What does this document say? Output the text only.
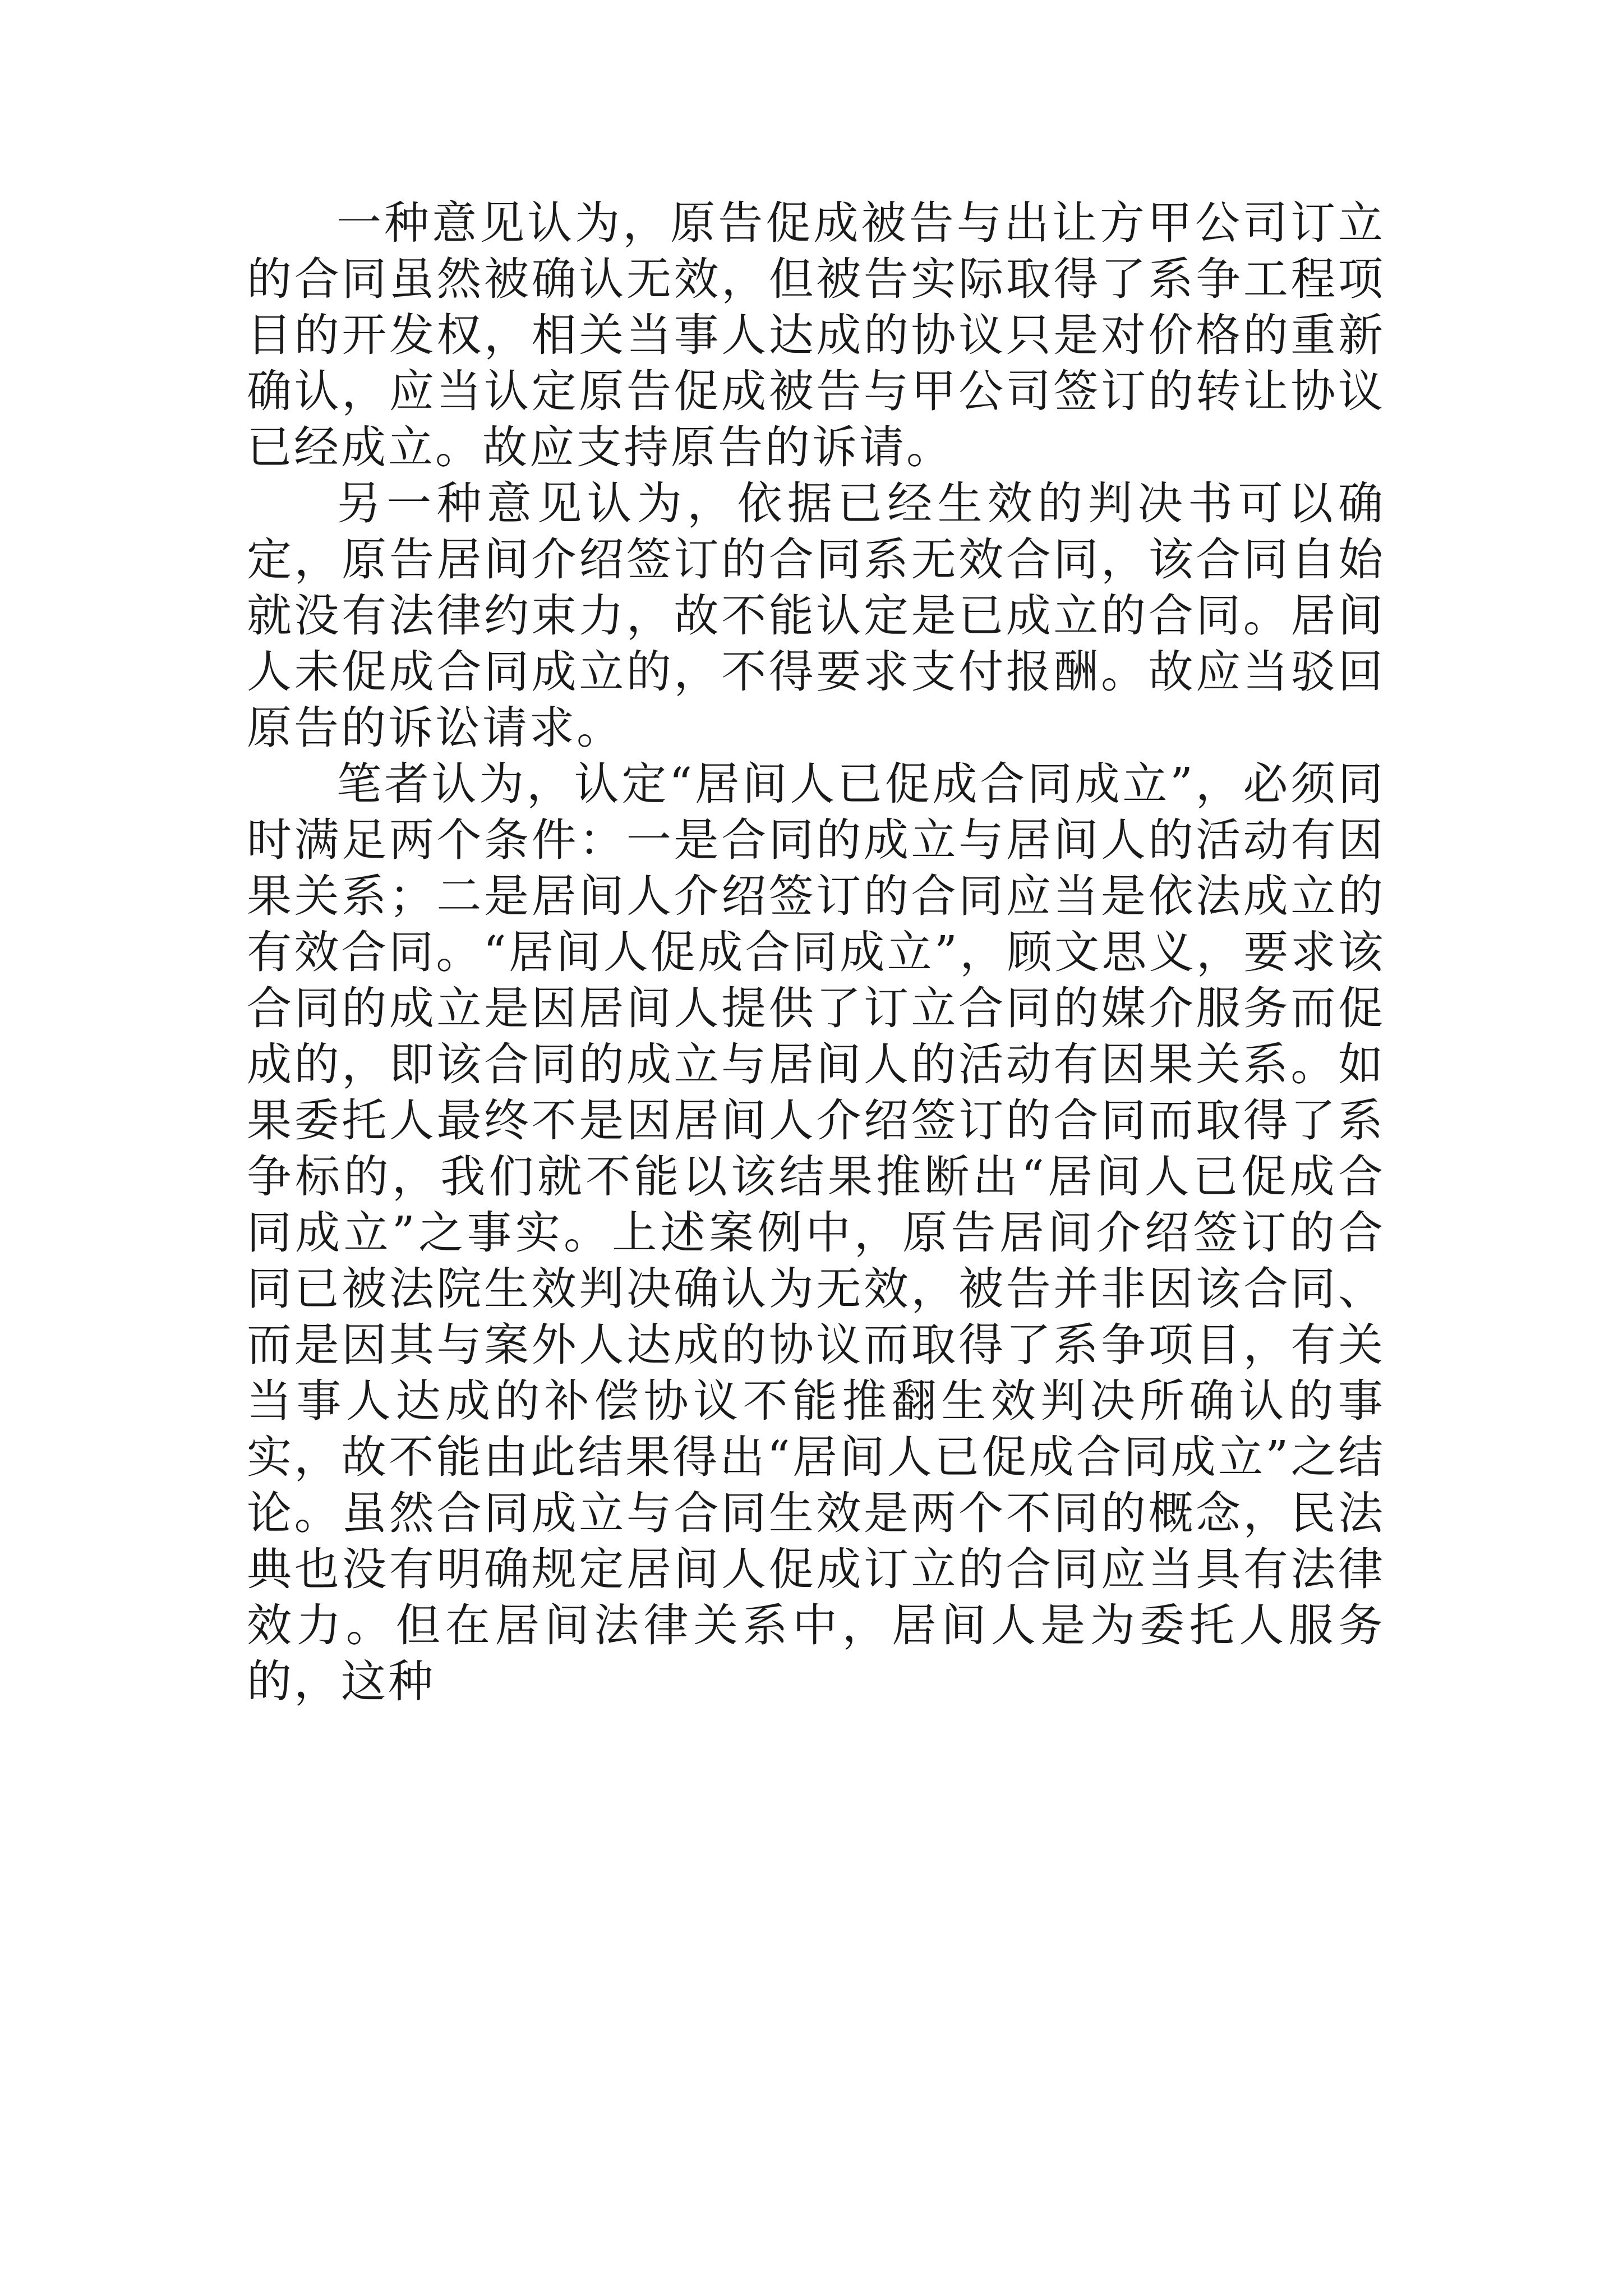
一种意见认为，原告促成被告与出让方甲公司订立的合同虽然被确认无效，但被告实际取得了系争工程项目的开发权，相关当事人达成的协议只是对价格的重新确认，应当认定原告促成被告与甲公司签订的转让协议已经成立。故应支持原告的诉请。

另一种意见认为，依据已经生效的判决书可以确定，原告居间介绍签订的合同系无效合同，该合同自始就没有法律约束力，故不能认定是已成立的合同。居间人未促成合同成立的，不得要求支付报酬。故应当驳回原告的诉讼请求。

笔者认为，认定“居间人已促成合同成立”，必须同时满足两个条件：一是合同的成立与居间人的活动有因果关系；二是居间人介绍签订的合同应当是依法成立的有效合同。“居间人促成合同成立”，顾文思义，要求该合同的成立是因居间人提供了订立合同的媒介服务而促成的，即该合同的成立与居间人的活动有因果关系。如果委托人最终不是因居间人介绍签订的合同而取得了系争标的，我们就不能以该结果推断出“居间人已促成合同成立”之事实。上述案例中，原告居间介绍签订的合同已被法院生效判决确认为无效，被告并非因该合同、而是因其与案外人达成的协议而取得了系争项目，有关当事人达成的补偿协议不能推翻生效判决所确认的事实，故不能由此结果得出“居间人已促成合同成立”之结论。虽然合同成立与合同生效是两个不同的概念，民法典也没有明确规定居间人促成订立的合同应当具有法律效力。但在居间法律关系中，居间人是为委托人服务的，这种
